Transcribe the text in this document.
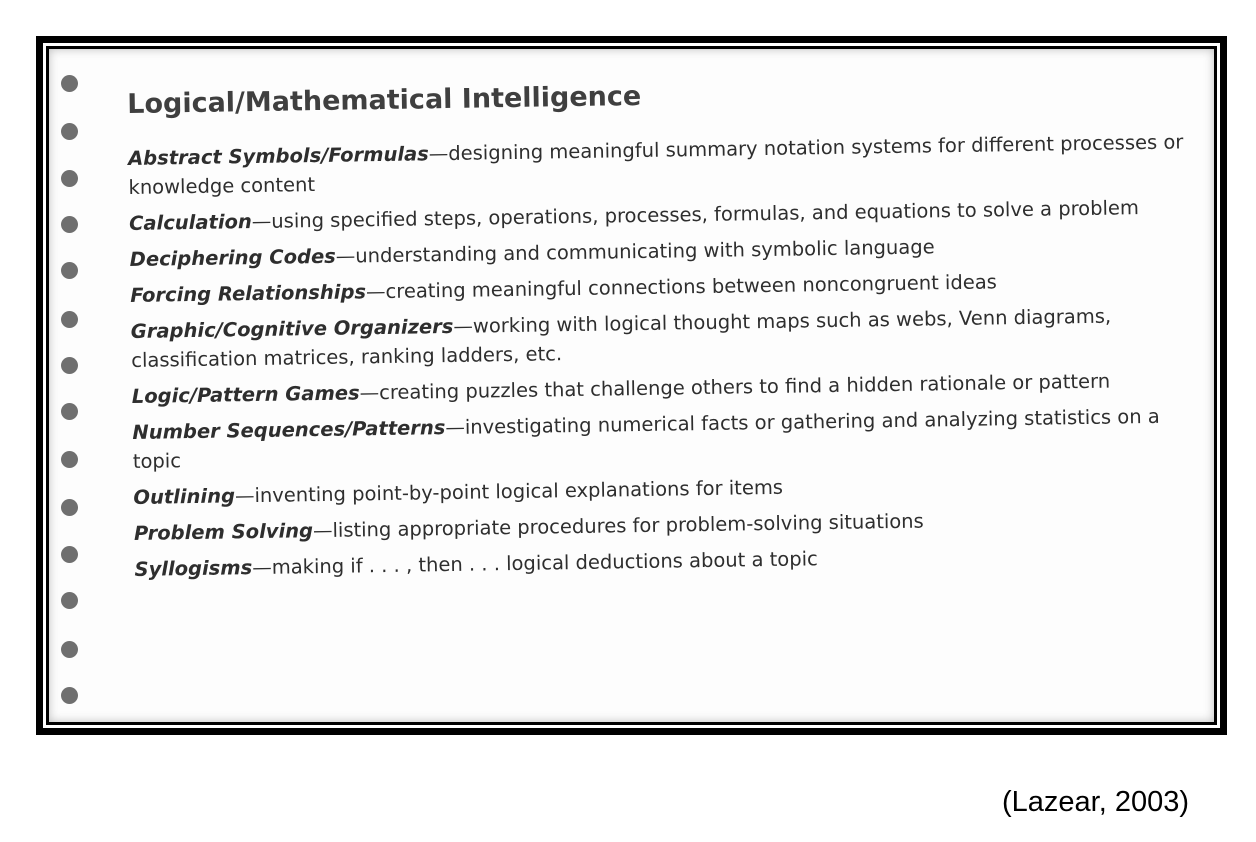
Logical/Mathematical Intelligence
Abstract Symbols/Formulas—designing meaningful summary notation systems for different processes or knowledge content
Calculation—using specified steps, operations, processes, formulas, and equations to solve a problem
Deciphering Codes—understanding and communicating with symbolic language
Forcing Relationships—creating meaningful connections between noncongruent ideas
Graphic/Cognitive Organizers—working with logical thought maps such as webs, Venn diagrams, classification matrices, ranking ladders, etc.
Logic/Pattern Games—creating puzzles that challenge others to find a hidden rationale or pattern
Number Sequences/Patterns—investigating numerical facts or gathering and analyzing statistics on a topic
Outlining—inventing point-by-point logical explanations for items
Problem Solving—listing appropriate procedures for problem-solving situations
Syllogisms—making if . . . , then . . . logical deductions about a topic
(Lazear, 2003)
